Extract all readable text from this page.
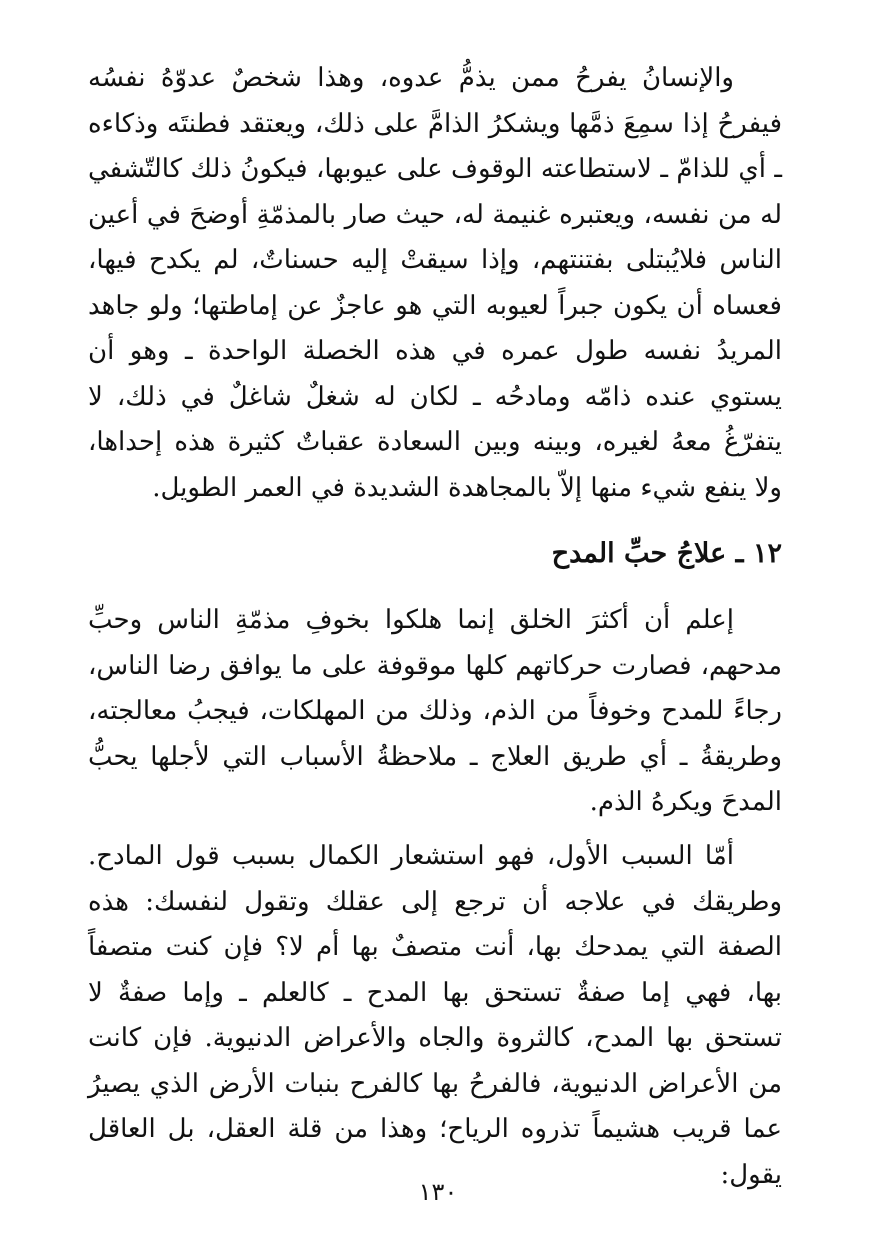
والإنسانُ يفرحُ ممن يذمُّ عدوه، وهذا شخصٌ عدوّهُ نفسُه فيفرحُ إذا سمِعَ ذمَّها ويشكرُ الذامَّ على ذلك، ويعتقد فطنتَه وذكاءه ـ أي للذامّ ـ لاستطاعته الوقوف على عيوبها، فيكونُ ذلك كالتّشفي له من نفسه، ويعتبره غنيمة له، حيث صار بالمذمّةِ أوضحَ في أعين الناس فلايُبتلى بفتنتهم، وإذا سيقتْ إليه حسناتٌ، لم يكدح فيها، فعساه أن يكون جبراً لعيوبه التي هو عاجزٌ عن إماطتها؛ ولو جاهد المريدُ نفسه طول عمره في هذه الخصلة الواحدة ـ وهو أن يستوي عنده ذامّه ومادحُه ـ لكان له شغلٌ شاغلٌ في ذلك، لا يتفرّغُ معهُ لغيره، وبينه وبين السعادة عقباتٌ كثيرة هذه إحداها، ولا ينفع شيء منها إلاّ بالمجاهدة الشديدة في العمر الطويل.

١٢ ـ علاجُ حبِّ المدح

إعلم أن أكثرَ الخلق إنما هلكوا بخوفِ مذمّةِ الناس وحبِّ مدحهم، فصارت حركاتهم كلها موقوفة على ما يوافق رضا الناس، رجاءً للمدح وخوفاً من الذم، وذلك من المهلكات، فيجبُ معالجته، وطريقةُ ـ أي طريق العلاج ـ ملاحظةُ الأسباب التي لأجلها يحبُّ المدحَ ويكرهُ الذم.

أمّا السبب الأول، فهو استشعار الكمال بسبب قول المادح. وطريقك في علاجه أن ترجع إلى عقلك وتقول لنفسك: هذه الصفة التي يمدحك بها، أنت متصفٌ بها أم لا؟ فإن كنت متصفاً بها، فهي إما صفةٌ تستحق بها المدح ـ كالعلم ـ وإما صفةٌ لا تستحق بها المدح، كالثروة والجاه والأعراض الدنيوية. فإن كانت من الأعراض الدنيوية، فالفرحُ بها كالفرح بنبات الأرض الذي يصيرُ عما قريب هشيماً تذروه الرياح؛ وهذا من قلة العقل، بل العاقل يقول:

١٣٠
